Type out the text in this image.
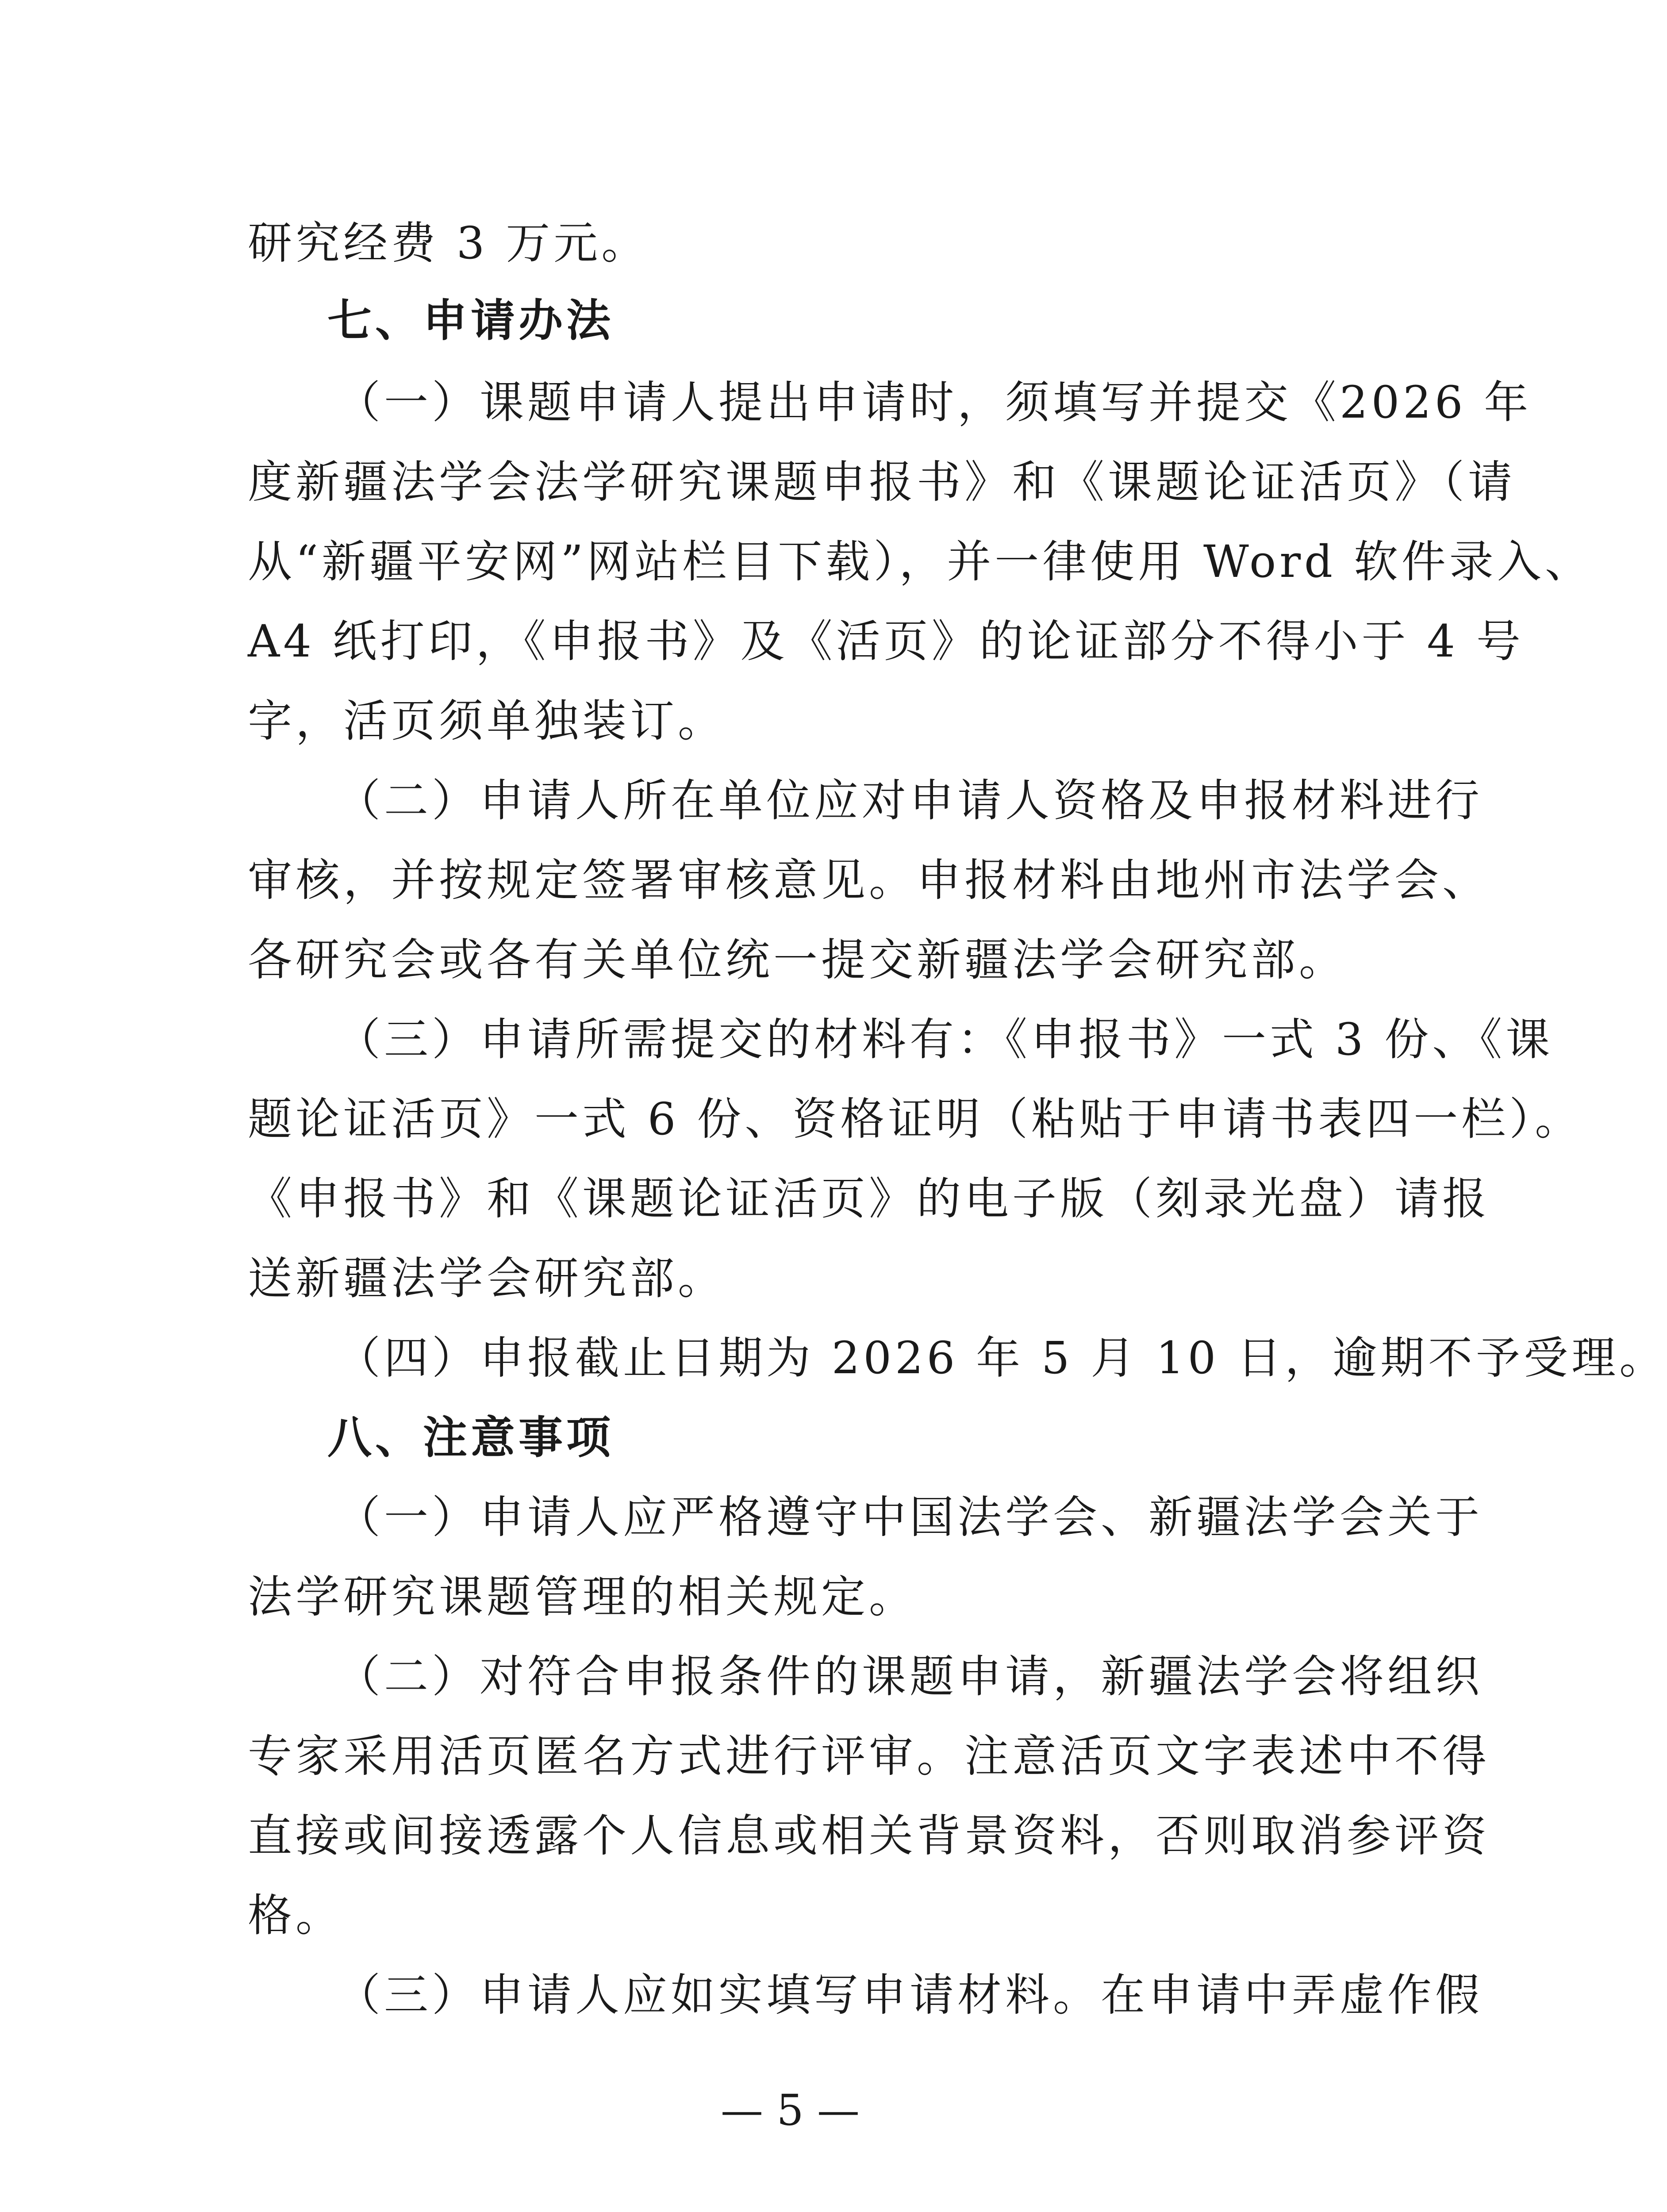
研究经费 3 万元。
七、申请办法
（一）课题申请人提出申请时，须填写并提交《2026 年
度新疆法学会法学研究课题申报书》和《课题论证活页》（请
从“新疆平安网”网站栏目下载），并一律使用 Word 软件录入、
A4 纸打印，《申报书》及《活页》的论证部分不得小于 4 号
字，活页须单独装订。
（二）申请人所在单位应对申请人资格及申报材料进行
审核，并按规定签署审核意见。申报材料由地州市法学会、
各研究会或各有关单位统一提交新疆法学会研究部。
（三）申请所需提交的材料有：《申报书》一式 3 份、《课
题论证活页》一式 6 份、资格证明（粘贴于申请书表四一栏）。
《申报书》和《课题论证活页》的电子版（刻录光盘）请报
送新疆法学会研究部。
（四）申报截止日期为 2026 年 5 月 10 日，逾期不予受理。
八、注意事项
（一）申请人应严格遵守中国法学会、新疆法学会关于
法学研究课题管理的相关规定。
（二）对符合申报条件的课题申请，新疆法学会将组织
专家采用活页匿名方式进行评审。注意活页文字表述中不得
直接或间接透露个人信息或相关背景资料，否则取消参评资
格。
（三）申请人应如实填写申请材料。在申请中弄虚作假
— 5 —
